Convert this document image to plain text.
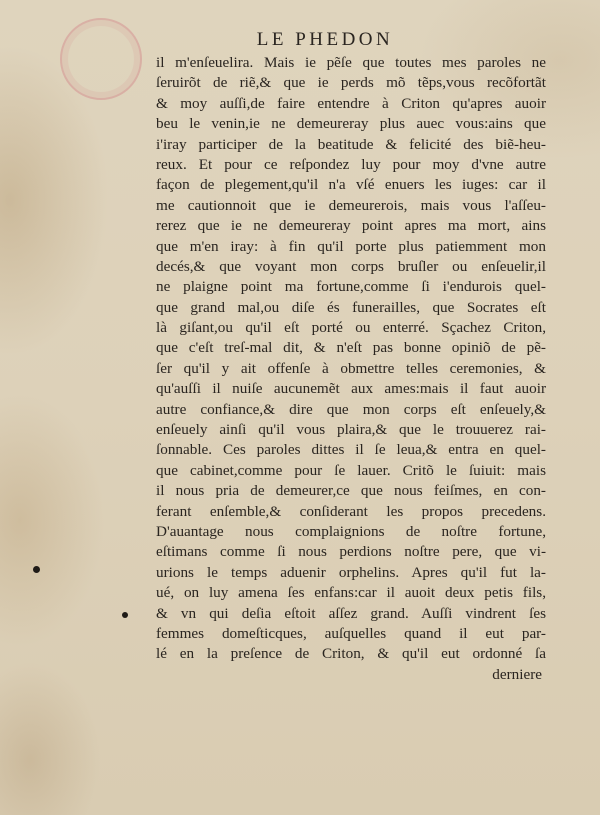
LE PHEDON
il m'enſeuelira. Mais ie pẽſe que toutes mes paroles ne
ſeruirõt de riẽ,& que ie perds mõ tẽps,vous recõfortãt
& moy auſſi,de faire entendre à Criton qu'apres auoir
beu le venin,ie ne demeureray plus auec vous:ains que
i'iray participer de la beatitude & felicité des biẽ-heu-
reux. Et pour ce reſpondez luy pour moy d'vne autre
façon de plegement,qu'il n'a vſé enuers les iuges: car il
me cautionnoit que ie demeurerois, mais vous l'aſſeu-
rerez que ie ne demeureray point apres ma mort, ains
que m'en iray: à fin qu'il porte plus patiemment mon
decés,& que voyant mon corps bruſler ou enſeuelir,il
ne plaigne point ma fortune,comme ſi i'endurois quel-
que grand mal,ou diſe és funerailles, que Socrates eſt
là giſant,ou qu'il eſt porté ou enterré. Sçachez Criton,
que c'eſt treſ-mal dit, & n'eſt pas bonne opiniõ de pẽ-
ſer qu'il y ait offenſe à obmettre telles ceremonies, &
qu'auſſi il nuiſe aucunemẽt aux ames:mais il faut auoir
autre confiance,& dire que mon corps eſt enſeuely,&
enſeuely ainſi qu'il vous plaira,& que le trouuerez rai-
ſonnable. Ces paroles dittes il ſe leua,& entra en quel-
que cabinet,comme pour ſe lauer. Critõ le ſuiuit: mais
il nous pria de demeurer,ce que nous feiſmes, en con-
ferant enſemble,& conſiderant les propos precedens.
D'auantage nous complaignions de noſtre fortune,
eſtimans comme ſi nous perdions noſtre pere, que vi-
urions le temps aduenir orphelins. Apres qu'il fut la-
ué, on luy amena ſes enfans:car il auoit deux petis fils,
& vn qui deſia eſtoit aſſez grand. Auſſi vindrent ſes
femmes domeſticques, auſquelles quand il eut par-
lé en la preſence de Criton, & qu'il eut ordonné ſa
derniere
